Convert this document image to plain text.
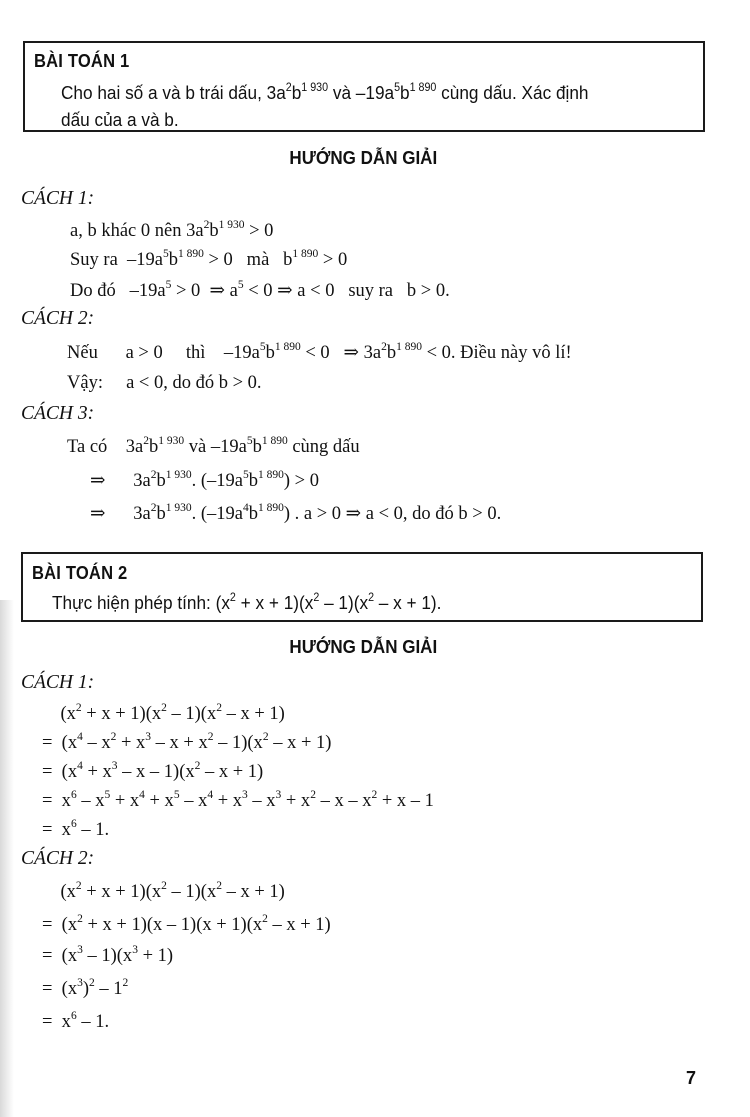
BÀI TOÁN 1
Cho hai số a và b trái dấu, $3a^2b^{1 930}$ và $-19a^5b^{1 890}$ cùng dấu. Xác định
dấu của a và b.
HƯỚNG DẪN GIẢI
CÁCH 1:
a, b khác 0 nên $3a^2b^{1 930} > 0$
Suy ra  $-19a^5b^{1 890} > 0$   mà   $b^{1 890} > 0$
Do đó   $-19a^5 > 0$  ⇒ $a^5 < 0$ ⇒ a < 0   suy ra   b > 0.
CÁCH 2:
Nếu      a > 0     thì    $-19a^5b^{1 890} < 0$   ⇒ $3a^2b^{1 890} < 0$. Điều này vô lí!
Vậy:     a < 0, do đó b > 0.
CÁCH 3:
Ta có    $3a^2b^{1 930}$ và $-19a^5b^{1 890}$ cùng dấu
⇒      $3a^2b^{1 930}$. $(-19a^5b^{1 890}) > 0$
⇒      $3a^2b^{1 930}$. $(-19a^4b^{1 890})$ . a > 0 ⇒ a < 0, do đó b > 0.
BÀI TOÁN 2
Thực hiện phép tính: $(x^2 + x + 1)(x^2 - 1)(x^2 - x + 1)$.
HƯỚNG DẪN GIẢI
CÁCH 1:
$(x^2 + x + 1)(x^2 - 1)(x^2 - x + 1)$
=  $(x^4 - x^2 + x^3 - x + x^2 - 1)(x^2 - x + 1)$
=  $(x^4 + x^3 - x - 1)(x^2 - x + 1)$
=  $x^6 - x^5 + x^4 + x^5 - x^4 + x^3 - x^3 + x^2 - x - x^2 + x - 1$
=  $x^6 - 1$.
CÁCH 2:
$(x^2 + x + 1)(x^2 - 1)(x^2 - x + 1)$
=  $(x^2 + x + 1)(x - 1)(x + 1)(x^2 - x + 1)$
=  $(x^3 - 1)(x^3 + 1)$
=  $(x^3)^2 - 1^2$
=  $x^6 - 1$.
7
